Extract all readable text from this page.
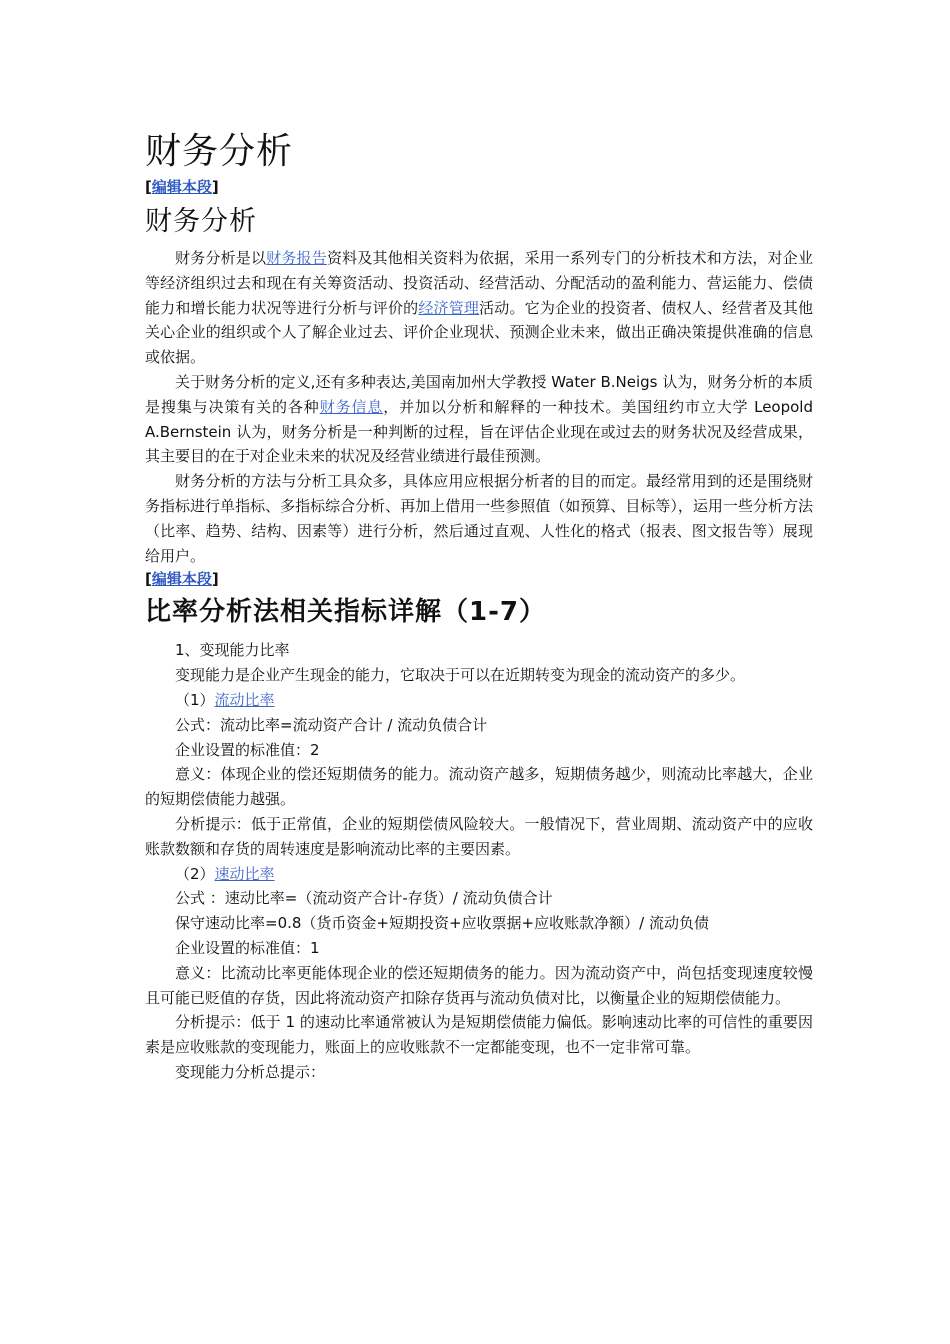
财务分析

[编辑本段]

财务分析

财务分析是以财务报告资料及其他相关资料为依据，采用一系列专门的分析技术和方法，对企业等经济组织过去和现在有关筹资活动、投资活动、经营活动、分配活动的盈利能力、营运能力、偿债能力和增长能力状况等进行分析与评价的经济管理活动。它为企业的投资者、债权人、经营者及其他关心企业的组织或个人了解企业过去、评价企业现状、预测企业未来，做出正确决策提供准确的信息或依据。

关于财务分析的定义,还有多种表达,美国南加州大学教授 Water B.Neigs 认为，财务分析的本质是搜集与决策有关的各种财务信息，并加以分析和解释的一种技术。美国纽约市立大学 Leopold A.Bernstein 认为，财务分析是一种判断的过程，旨在评估企业现在或过去的财务状况及经营成果，其主要目的在于对企业未来的状况及经营业绩进行最佳预测。

财务分析的方法与分析工具众多，具体应用应根据分析者的目的而定。最经常用到的还是围绕财务指标进行单指标、多指标综合分析、再加上借用一些参照值（如预算、目标等），运用一些分析方法（比率、趋势、结构、因素等）进行分析，然后通过直观、人性化的格式（报表、图文报告等）展现给用户。

[编辑本段]

比率分析法相关指标详解（1-7）

1、变现能力比率

变现能力是企业产生现金的能力，它取决于可以在近期转变为现金的流动资产的多少。

（1）流动比率

公式：流动比率=流动资产合计 / 流动负债合计

企业设置的标准值：2

意义：体现企业的偿还短期债务的能力。流动资产越多，短期债务越少，则流动比率越大，企业的短期偿债能力越强。

分析提示：低于正常值，企业的短期偿债风险较大。一般情况下，营业周期、流动资产中的应收账款数额和存货的周转速度是影响流动比率的主要因素。

（2）速动比率

公式 ：速动比率=（流动资产合计-存货）/ 流动负债合计

保守速动比率=0.8（货币资金+短期投资+应收票据+应收账款净额）/ 流动负债

企业设置的标准值：1

意义：比流动比率更能体现企业的偿还短期债务的能力。因为流动资产中，尚包括变现速度较慢且可能已贬值的存货，因此将流动资产扣除存货再与流动负债对比，以衡量企业的短期偿债能力。

分析提示：低于 1 的速动比率通常被认为是短期偿债能力偏低。影响速动比率的可信性的重要因素是应收账款的变现能力，账面上的应收账款不一定都能变现，也不一定非常可靠。

变现能力分析总提示：
